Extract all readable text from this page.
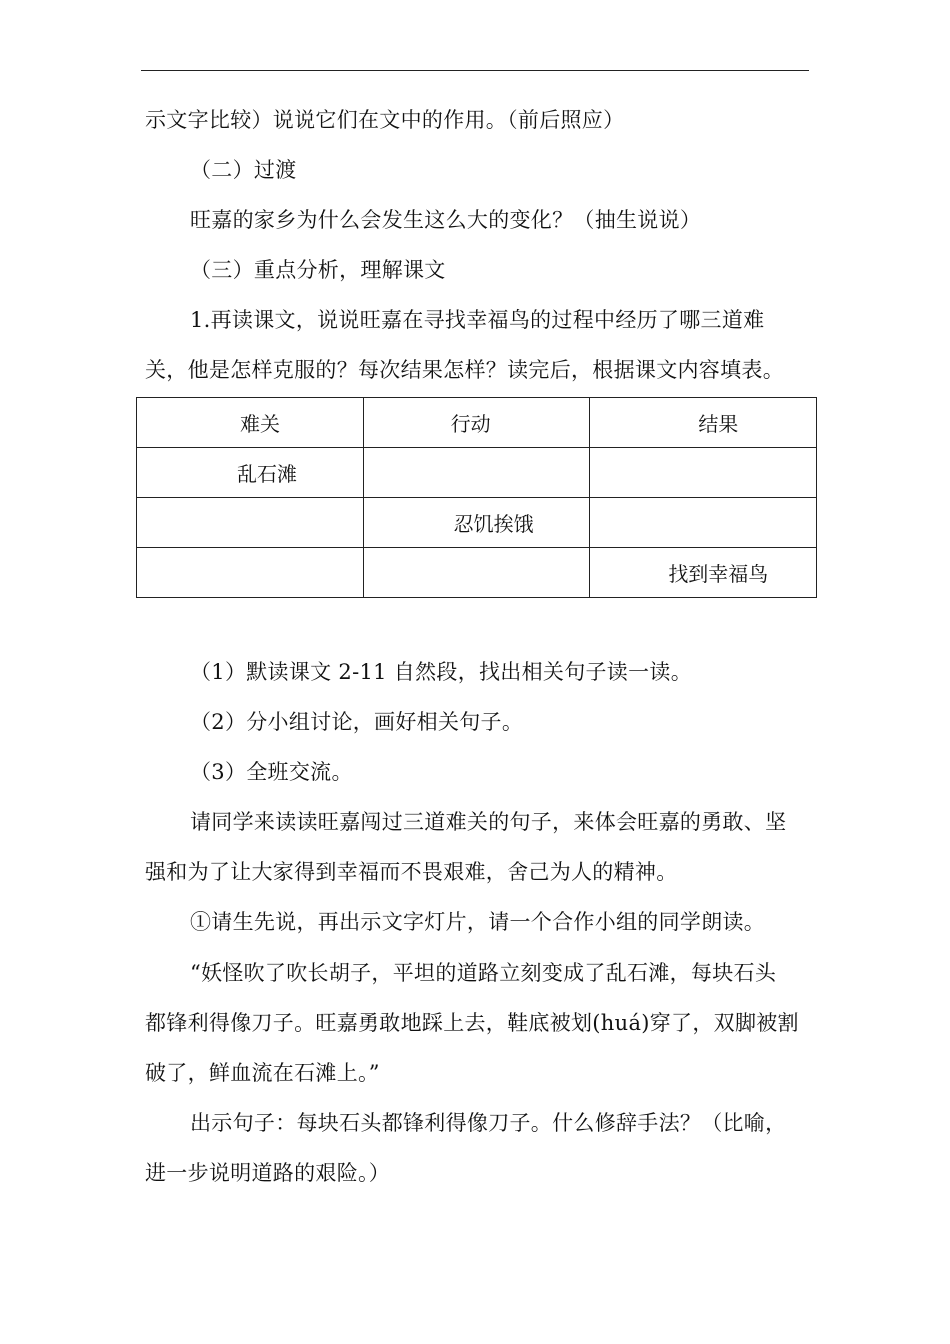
示文字比较）说说它们在文中的作用。（前后照应）
（二）过渡
旺嘉的家乡为什么会发生这么大的变化？（抽生说说）
（三）重点分析，理解课文
1.再读课文，说说旺嘉在寻找幸福鸟的过程中经历了哪三道难
关，他是怎样克服的？每次结果怎样？读完后，根据课文内容填表。
难关	行动	结果
乱石滩		
	忍饥挨饿	
		找到幸福鸟
（1）默读课文 2-11 自然段，找出相关句子读一读。
（2）分小组讨论，画好相关句子。
（3）全班交流。
请同学来读读旺嘉闯过三道难关的句子，来体会旺嘉的勇敢、坚
强和为了让大家得到幸福而不畏艰难，舍己为人的精神。
①请生先说，再出示文字灯片，请一个合作小组的同学朗读。
“妖怪吹了吹长胡子，平坦的道路立刻变成了乱石滩，每块石头
都锋利得像刀子。旺嘉勇敢地踩上去，鞋底被划(huá)穿了，双脚被割
破了，鲜血流在石滩上。”
出示句子：每块石头都锋利得像刀子。什么修辞手法？（比喻，
进一步说明道路的艰险。）
